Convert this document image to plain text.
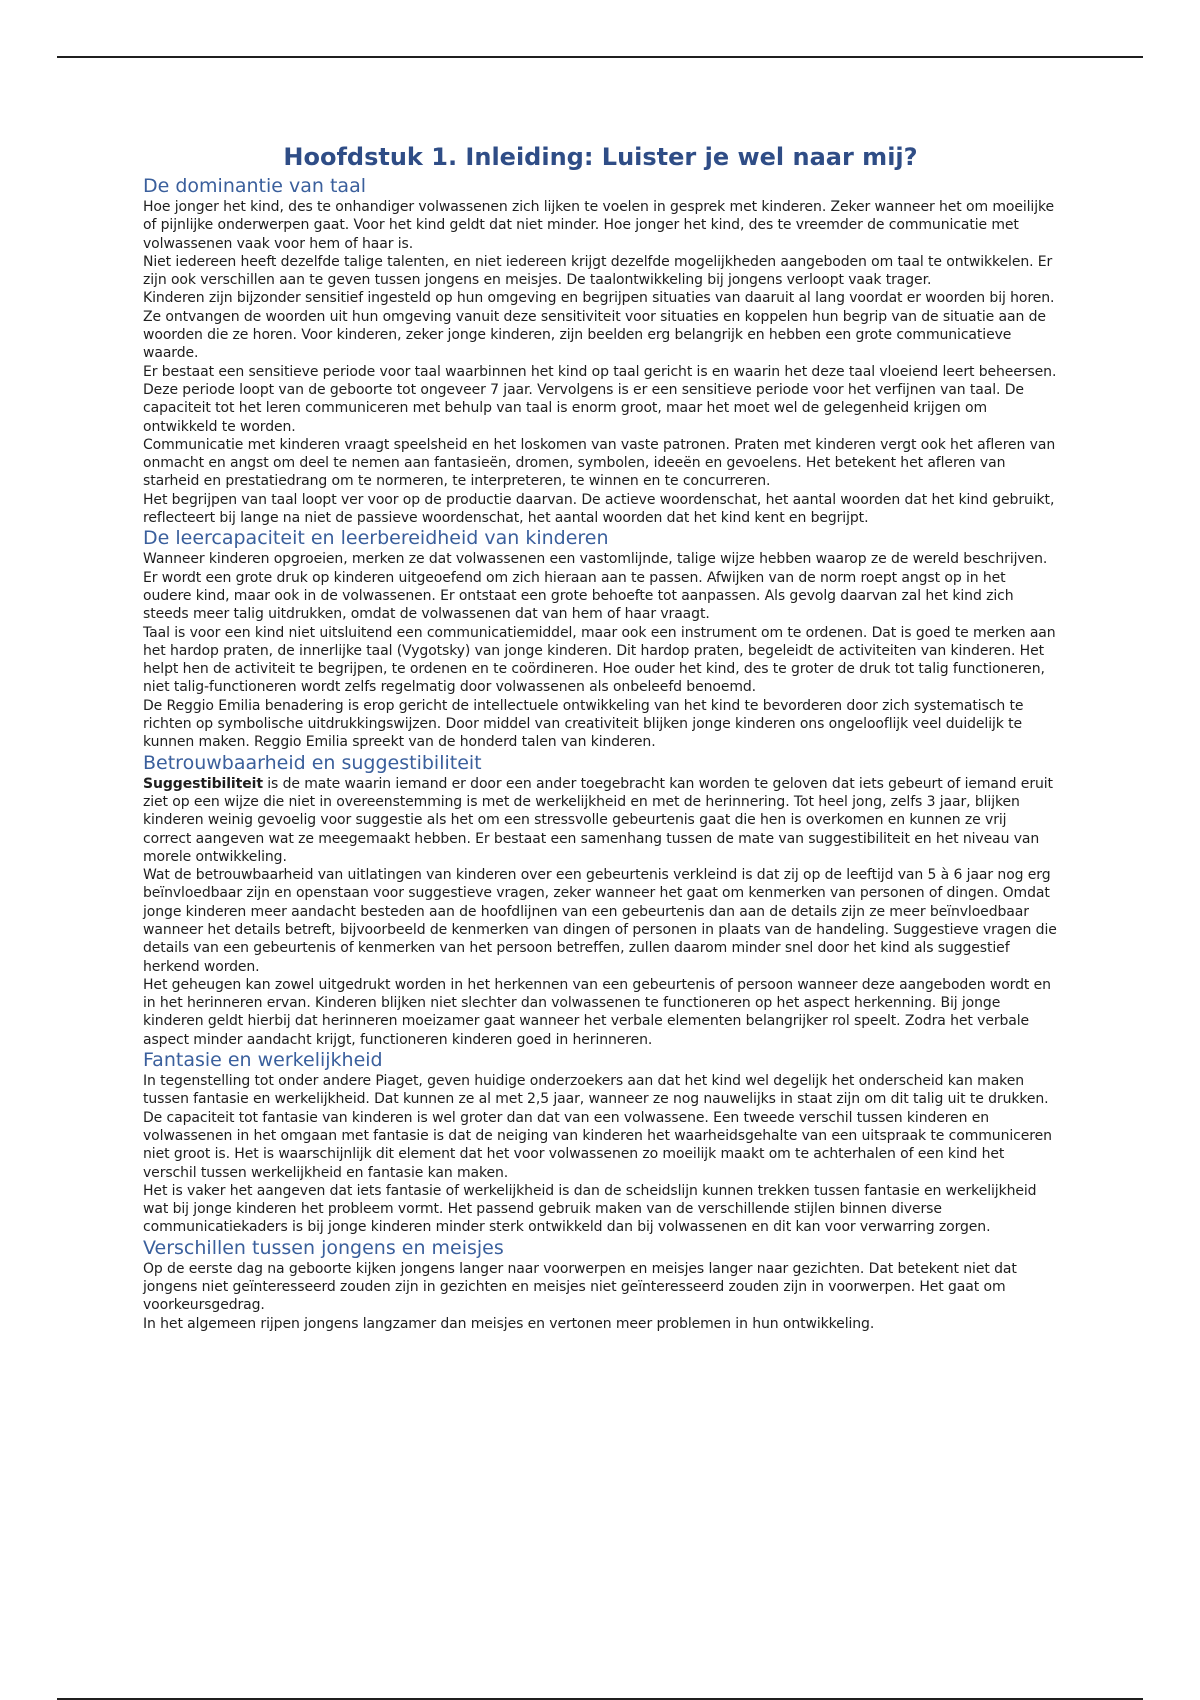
Hoofdstuk 1. Inleiding: Luister je wel naar mij?
De dominantie van taal

Hoe jonger het kind, des te onhandiger volwassenen zich lijken te voelen in gesprek met kinderen. Zeker wanneer het om moeilijke of pijnlijke onderwerpen gaat. Voor het kind geldt dat niet minder. Hoe jonger het kind, des te vreemder de communicatie met volwassenen vaak voor hem of haar is.

Niet iedereen heeft dezelfde talige talenten, en niet iedereen krijgt dezelfde mogelijkheden aangeboden om taal te ontwikkelen. Er zijn ook verschillen aan te geven tussen jongens en meisjes. De taalontwikkeling bij jongens verloopt vaak trager.

Kinderen zijn bijzonder sensitief ingesteld op hun omgeving en begrijpen situaties van daaruit al lang voordat er woorden bij horen. Ze ontvangen de woorden uit hun omgeving vanuit deze sensitiviteit voor situaties en koppelen hun begrip van de situatie aan de woorden die ze horen. Voor kinderen, zeker jonge kinderen, zijn beelden erg belangrijk en hebben een grote communicatieve waarde.

Er bestaat een sensitieve periode voor taal waarbinnen het kind op taal gericht is en waarin het deze taal vloeiend leert beheersen. Deze periode loopt van de geboorte tot ongeveer 7 jaar. Vervolgens is er een sensitieve periode voor het verfijnen van taal. De capaciteit tot het leren communiceren met behulp van taal is enorm groot, maar het moet wel de gelegenheid krijgen om ontwikkeld te worden.

Communicatie met kinderen vraagt speelsheid en het loskomen van vaste patronen. Praten met kinderen vergt ook het afleren van onmacht en angst om deel te nemen aan fantasieën, dromen, symbolen, ideeën en gevoelens. Het betekent het afleren van starheid en prestatiedrang om te normeren, te interpreteren, te winnen en te concurreren.

Het begrijpen van taal loopt ver voor op de productie daarvan. De actieve woordenschat, het aantal woorden dat het kind gebruikt, reflecteert bij lange na niet de passieve woordenschat, het aantal woorden dat het kind kent en begrijpt.

De leercapaciteit en leerbereidheid van kinderen

Wanneer kinderen opgroeien, merken ze dat volwassenen een vastomlijnde, talige wijze hebben waarop ze de wereld beschrijven. Er wordt een grote druk op kinderen uitgeoefend om zich hieraan aan te passen. Afwijken van de norm roept angst op in het oudere kind, maar ook in de volwassenen. Er ontstaat een grote behoefte tot aanpassen. Als gevolg daarvan zal het kind zich steeds meer talig uitdrukken, omdat de volwassenen dat van hem of haar vraagt.

Taal is voor een kind niet uitsluitend een communicatiemiddel, maar ook een instrument om te ordenen. Dat is goed te merken aan het hardop praten, de innerlijke taal (Vygotsky) van jonge kinderen. Dit hardop praten, begeleidt de activiteiten van kinderen. Het helpt hen de activiteit te begrijpen, te ordenen en te coördineren. Hoe ouder het kind, des te groter de druk tot talig functioneren, niet talig-functioneren wordt zelfs regelmatig door volwassenen als onbeleefd benoemd.

De Reggio Emilia benadering is erop gericht de intellectuele ontwikkeling van het kind te bevorderen door zich systematisch te richten op symbolische uitdrukkingswijzen. Door middel van creativiteit blijken jonge kinderen ons ongelooflijk veel duidelijk te kunnen maken. Reggio Emilia spreekt van de honderd talen van kinderen.

Betrouwbaarheid en suggestibiliteit

Suggestibiliteit is de mate waarin iemand er door een ander toegebracht kan worden te geloven dat iets gebeurt of iemand eruit ziet op een wijze die niet in overeenstemming is met de werkelijkheid en met de herinnering. Tot heel jong, zelfs 3 jaar, blijken kinderen weinig gevoelig voor suggestie als het om een stressvolle gebeurtenis gaat die hen is overkomen en kunnen ze vrij correct aangeven wat ze meegemaakt hebben. Er bestaat een samenhang tussen de mate van suggestibiliteit en het niveau van morele ontwikkeling.

Wat de betrouwbaarheid van uitlatingen van kinderen over een gebeurtenis verkleind is dat zij op de leeftijd van 5 à 6 jaar nog erg beïnvloedbaar zijn en openstaan voor suggestieve vragen, zeker wanneer het gaat om kenmerken van personen of dingen. Omdat jonge kinderen meer aandacht besteden aan de hoofdlijnen van een gebeurtenis dan aan de details zijn ze meer beïnvloedbaar wanneer het details betreft, bijvoorbeeld de kenmerken van dingen of personen in plaats van de handeling. Suggestieve vragen die details van een gebeurtenis of kenmerken van het persoon betreffen, zullen daarom minder snel door het kind als suggestief herkend worden.

Het geheugen kan zowel uitgedrukt worden in het herkennen van een gebeurtenis of persoon wanneer deze aangeboden wordt en in het herinneren ervan. Kinderen blijken niet slechter dan volwassenen te functioneren op het aspect herkenning. Bij jonge kinderen geldt hierbij dat herinneren moeizamer gaat wanneer het verbale elementen belangrijker rol speelt. Zodra het verbale aspect minder aandacht krijgt, functioneren kinderen goed in herinneren.

Fantasie en werkelijkheid

In tegenstelling tot onder andere Piaget, geven huidige onderzoekers aan dat het kind wel degelijk het onderscheid kan maken tussen fantasie en werkelijkheid. Dat kunnen ze al met 2,5 jaar, wanneer ze nog nauwelijks in staat zijn om dit talig uit te drukken. De capaciteit tot fantasie van kinderen is wel groter dan dat van een volwassene. Een tweede verschil tussen kinderen en volwassenen in het omgaan met fantasie is dat de neiging van kinderen het waarheidsgehalte van een uitspraak te communiceren niet groot is. Het is waarschijnlijk dit element dat het voor volwassenen zo moeilijk maakt om te achterhalen of een kind het verschil tussen werkelijkheid en fantasie kan maken.

Het is vaker het aangeven dat iets fantasie of werkelijkheid is dan de scheidslijn kunnen trekken tussen fantasie en werkelijkheid wat bij jonge kinderen het probleem vormt. Het passend gebruik maken van de verschillende stijlen binnen diverse communicatiekaders is bij jonge kinderen minder sterk ontwikkeld dan bij volwassenen en dit kan voor verwarring zorgen.

Verschillen tussen jongens en meisjes

Op de eerste dag na geboorte kijken jongens langer naar voorwerpen en meisjes langer naar gezichten. Dat betekent niet dat jongens niet geïnteresseerd zouden zijn in gezichten en meisjes niet geïnteresseerd zouden zijn in voorwerpen. Het gaat om voorkeursgedrag.

In het algemeen rijpen jongens langzamer dan meisjes en vertonen meer problemen in hun ontwikkeling.
